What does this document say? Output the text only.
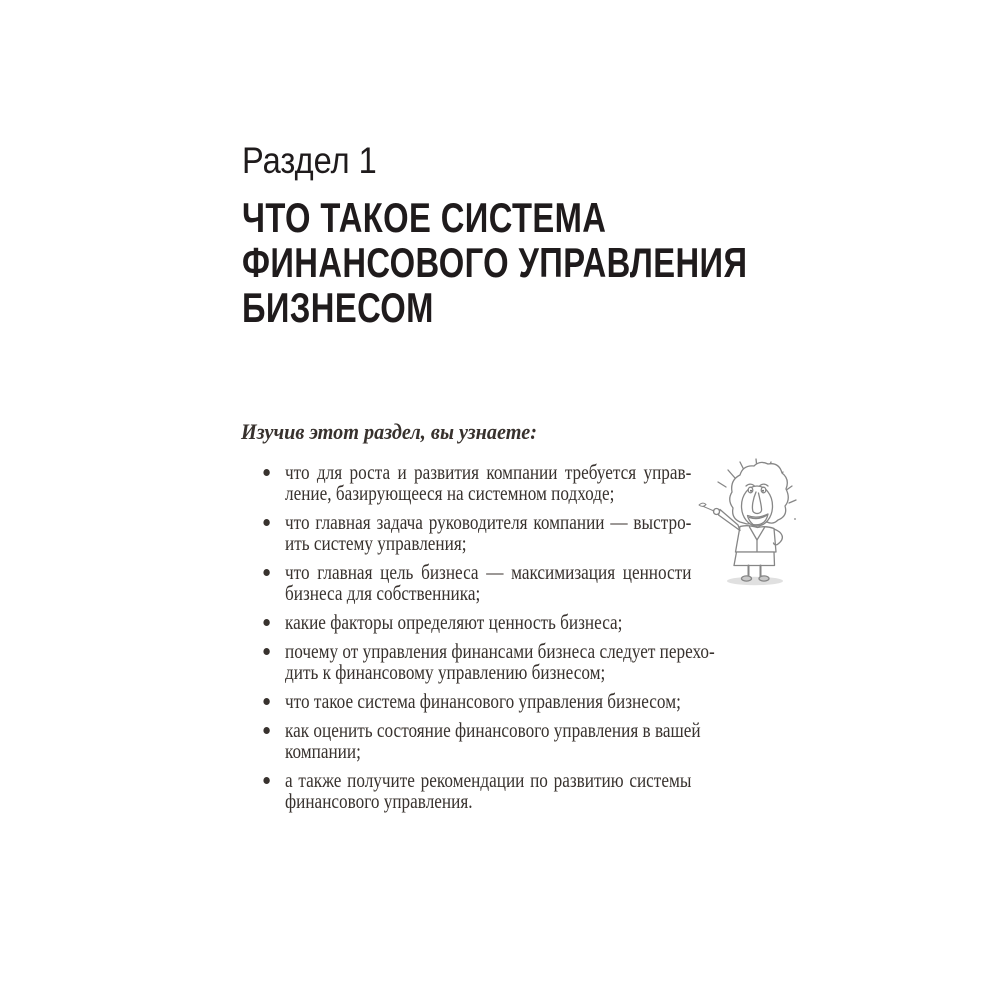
Раздел 1
ЧТО ТАКОЕ СИСТЕМА
ФИНАНСОВОГО УПРАВЛЕНИЯ
БИЗНЕСОМ

Изучив этот раздел, вы узнаете:

что для роста и развития компании требуется управ-
ление, базирующееся на системном подходе;
что главная задача руководителя компании — выстро-
ить систему управления;
что главная цель бизнеса — максимизация ценности
бизнеса для собственника;
какие факторы определяют ценность бизнеса;
почему от управления финансами бизнеса следует перехо-
дить к финансовому управлению бизнесом;
что такое система финансового управления бизнесом;
как оценить состояние финансового управления в вашей
компании;
а также получите рекомендации по развитию системы
финансового управления.
